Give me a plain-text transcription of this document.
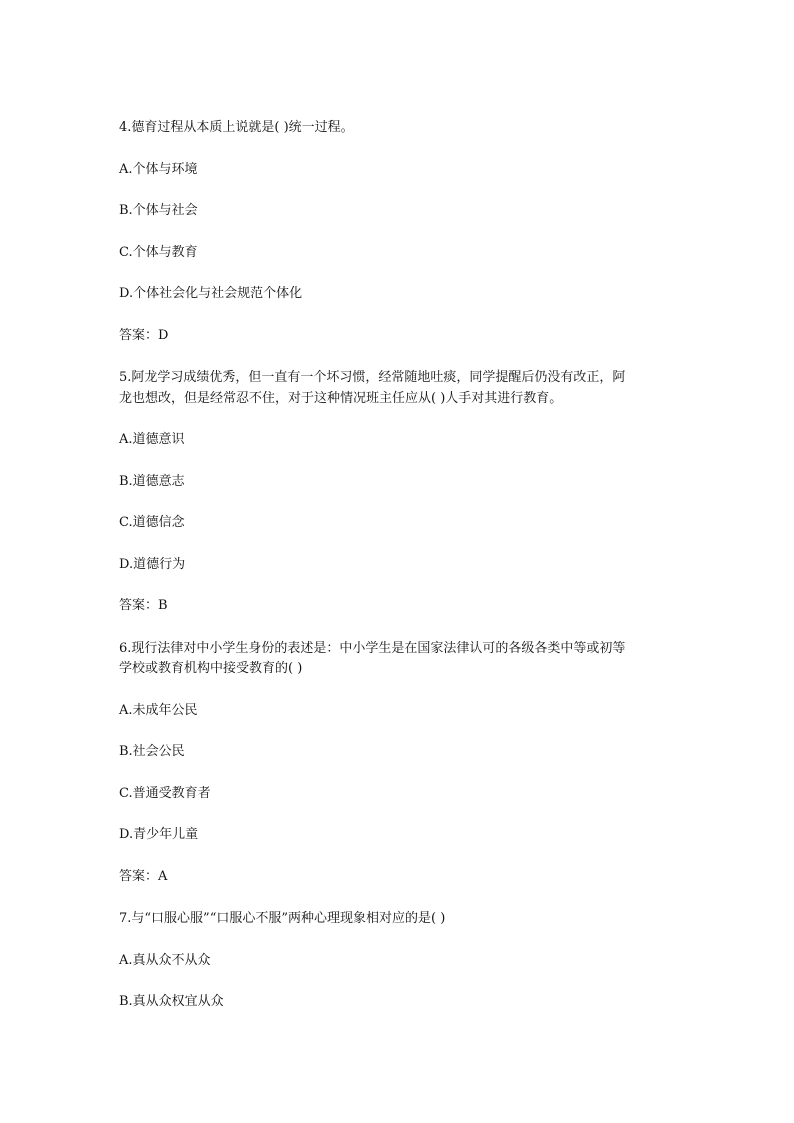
4.德育过程从本质上说就是( )统一过程。
A.个体与环境
B.个体与社会
C.个体与教育
D.个体社会化与社会规范个体化
答案：D
5.阿龙学习成绩优秀，但一直有一个坏习惯，经常随地吐痰，同学提醒后仍没有改正，阿
龙也想改，但是经常忍不住，对于这种情况班主任应从( )人手对其进行教育。
A.道德意识
B.道德意志
C.道德信念
D.道德行为
答案：B
6.现行法律对中小学生身份的表述是：中小学生是在国家法律认可的各级各类中等或初等
学校或教育机构中接受教育的( )
A.未成年公民
B.社会公民
C.普通受教育者
D.青少年儿童
答案：A
7.与“口服心服”“口服心不服”两种心理现象相对应的是( )
A.真从众不从众
B.真从众权宜从众
